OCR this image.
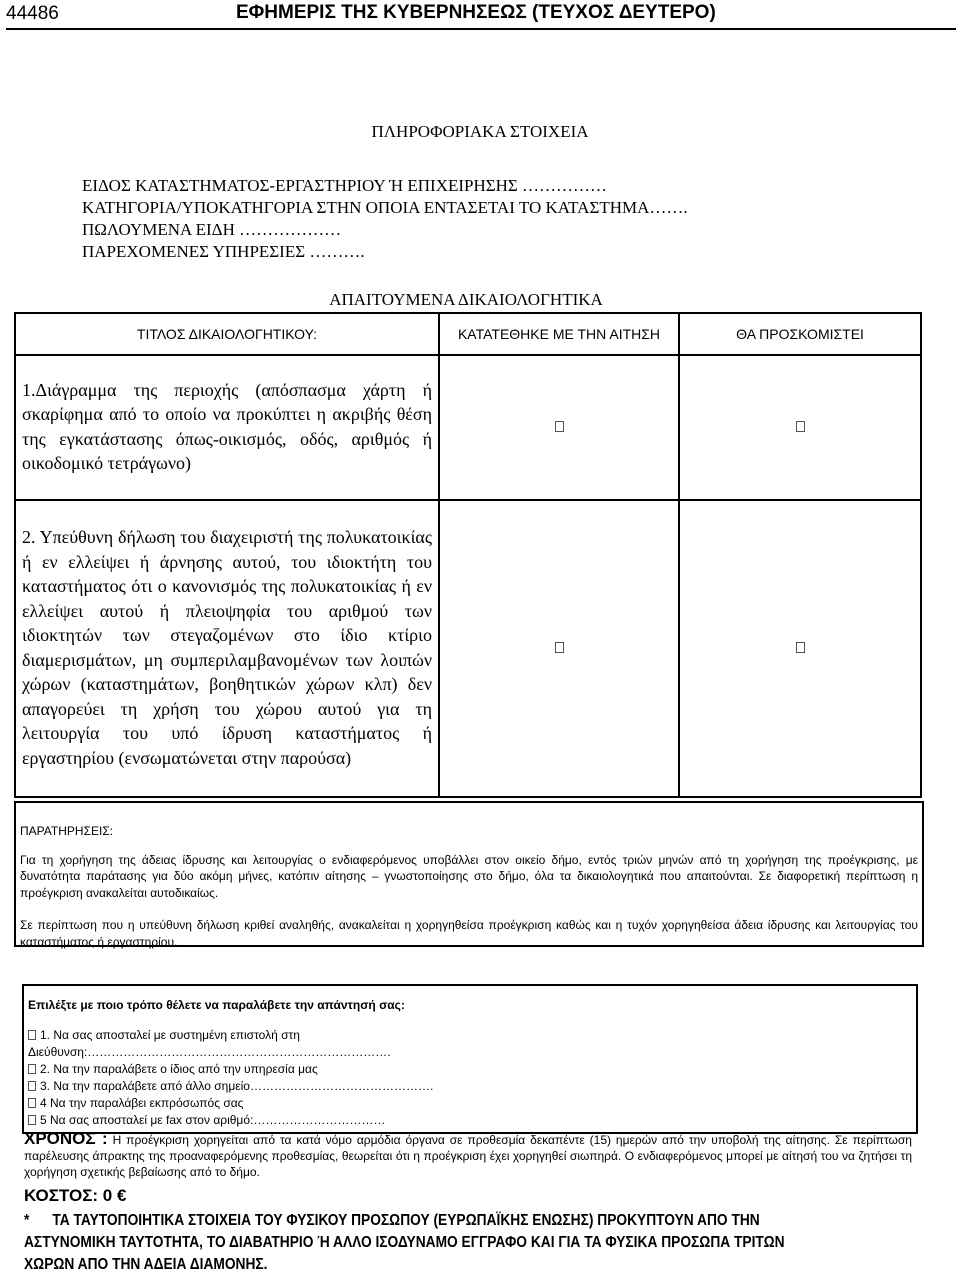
44486	ΕΦΗΜΕΡΙΣ ΤΗΣ ΚΥΒΕΡΝΗΣΕΩΣ (ΤΕΥΧΟΣ ΔΕΥΤΕΡΟ)
ΠΛΗΡΟΦΟΡΙΑΚΑ ΣΤΟΙΧΕΙΑ
ΕΙΔΟΣ ΚΑΤΑΣΤΗΜΑΤΟΣ-ΕΡΓΑΣΤΗΡΙΟΥ Ή ΕΠΙΧΕΙΡΗΣΗΣ ……………
ΚΑΤΗΓΟΡΙΑ/ΥΠΟΚΑΤΗΓΟΡΙΑ ΣΤΗΝ ΟΠΟΙΑ ΕΝΤΑΣΕΤΑΙ ΤΟ ΚΑΤΑΣΤΗΜΑ…….
ΠΩΛΟΥΜΕΝΑ ΕΙΔΗ ………………
ΠΑΡΕΧΟΜΕΝΕΣ ΥΠΗΡΕΣΙΕΣ ……….
ΑΠΑΙΤΟΥΜΕΝΑ ΔΙΚΑΙΟΛΟΓΗΤΙΚΑ
ΤΙΤΛΟΣ ΔΙΚΑΙΟΛΟΓΗΤΙΚΟΥ:	ΚΑΤΑΤΕΘΗΚΕ ΜΕ ΤΗΝ ΑΙΤΗΣΗ	ΘΑ ΠΡΟΣΚΟΜΙΣΤΕΙ
1.Διάγραμμα της περιοχής (απόσπασμα χάρτη ή σκαρίφημα από το οποίο να προκύπτει η ακριβής θέση της εγκατάστασης όπως-οικισμός, οδός, αριθμός ή οικοδομικό τετράγωνο)		
2. Υπεύθυνη δήλωση του διαχειριστή της πολυκατοικίας ή εν ελλείψει ή άρνησης αυτού, του ιδιοκτήτη του καταστήματος ότι ο κανονισμός της πολυκατοικίας ή εν ελλείψει αυτού ή πλειοψηφία του αριθμού των ιδιοκτητών των στεγαζομένων στο ίδιο κτίριο διαμερισμάτων, μη συμπεριλαμβανομένων των λοιπών χώρων (καταστημάτων, βοηθητικών χώρων κλπ) δεν απαγορεύει τη χρήση του χώρου αυτού για τη λειτουργία του υπό ίδρυση καταστήματος ή εργαστηρίου (ενσωματώνεται στην παρούσα)		

ΠΑΡΑΤΗΡΗΣΕΙΣ:

Για τη χορήγηση της άδειας ίδρυσης και λειτουργίας ο ενδιαφερόμενος υποβάλλει στον οικείο δήμο, εντός τριών μηνών από τη χορήγηση της προέγκρισης, με δυνατότητα παράτασης για δύο ακόμη μήνες, κατόπιν αίτησης – γνωστοποίησης στο δήμο, όλα τα δικαιολογητικά που απαιτούνται. Σε διαφορετική περίπτωση η προέγκριση ανακαλείται αυτοδικαίως.

Σε περίπτωση που η υπεύθυνη δήλωση κριθεί αναληθής, ανακαλείται η χορηγηθείσα προέγκριση καθώς και η τυχόν χορηγηθείσα άδεια ίδρυσης και λειτουργίας του καταστήματος ή εργαστηρίου.

Επιλέξτε με ποιο τρόπο θέλετε να παραλάβετε την απάντησή σας:

1. Να σας αποσταλεί με συστημένη επιστολή στη

Διεύθυνση:………………………………………………………………….

2. Να την παραλάβετε ο ίδιος από την υπηρεσία μας

3. Να την παραλάβετε από άλλο σημείο……………………………………….

4 Να την παραλάβει εκπρόσωπός σας

5 Να σας αποσταλεί με fax στον αριθμό:……………………………

ΧΡΟΝΟΣ : Η προέγκριση χορηγείται από τα κατά νόμο αρμόδια όργανα σε προθεσμία δεκαπέντε (15) ημερών από την υποβολή της αίτησης. Σε περίπτωση παρέλευσης άπρακτης της προαναφερόμενης προθεσμίας, θεωρείται ότι η προέγκριση έχει χορηγηθεί σιωπηρά. Ο ενδιαφερόμενος μπορεί με αίτησή του να ζητήσει τη χορήγηση σχετικής βεβαίωσης από το δήμο.
ΚΟΣΤΟΣ: 0 €
* ΤΑ ΤΑΥΤΟΠΟΙΗΤΙΚΑ ΣΤΟΙΧΕΙΑ ΤΟΥ ΦΥΣΙΚΟΥ ΠΡΟΣΩΠΟΥ (ΕΥΡΩΠΑΪΚΗΣ ΕΝΩΣΗΣ) ΠΡΟΚΥΠΤΟΥΝ ΑΠΟ ΤΗΝ
ΑΣΤΥΝΟΜΙΚΗ ΤΑΥΤΟΤΗΤΑ, ΤΟ ΔΙΑΒΑΤΗΡΙΟ Ή ΑΛΛΟ ΙΣΟΔΥΝΑΜΟ ΕΓΓΡΑΦΟ ΚΑΙ ΓΙΑ ΤΑ ΦΥΣΙΚΑ ΠΡΟΣΩΠΑ ΤΡΙΤΩΝ
ΧΩΡΩΝ ΑΠΟ ΤΗΝ ΑΔΕΙΑ ΔΙΑΜΟΝΗΣ.
